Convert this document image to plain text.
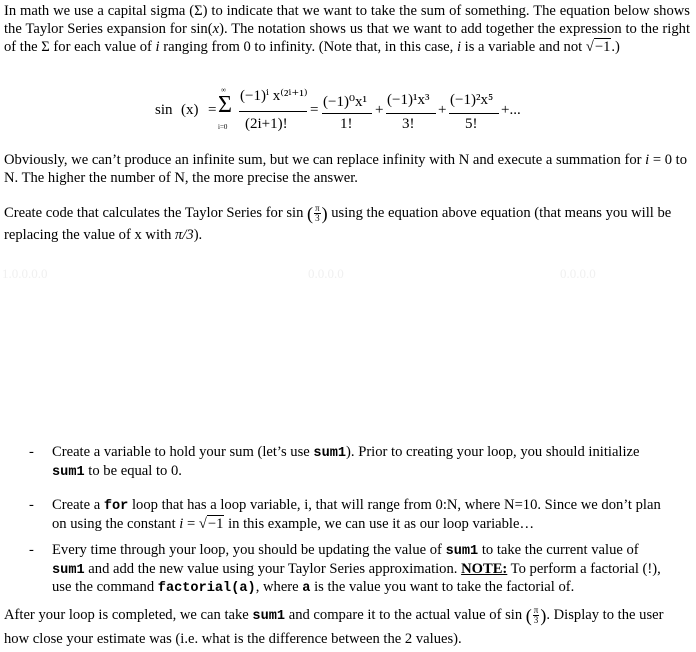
In math we use a capital sigma (Σ) to indicate that we want to take the sum of something. The equation below shows the Taylor Series expansion for sin(x). The notation shows us that we want to add together the expression to the right of the Σ for each value of i ranging from 0 to infinity. (Note that, in this case, i is a variable and not √−1.)
sin (x) =
∞
Σ
i=0
(−1)ⁱ x⁽²ⁱ⁺¹⁾
(2i+1)!
= (−1)⁰x¹
1!
+
(−1)¹x³
3!
+
(−1)²x⁵
5!
+...
Obviously, we can’t produce an infinite sum, but we can replace infinity with N and execute a summation for i = 0 to N. The higher the number of N, the more precise the answer.
Create code that calculates the Taylor Series for sin ( $\frac{\pi}{3}$ ) using the equation above equation (that means you will be replacing the value of x with π/3).
1.0.0.0.0	0.0.0.0	0.0.0.0
- Create a variable to hold your sum (let’s use sum1). Prior to creating your loop, you should initialize sum1 to be equal to 0.
- Create a for loop that has a loop variable, i, that will range from 0:N, where N=10. Since we don’t plan on using the constant i = √−1 in this example, we can use it as our loop variable…
- Every time through your loop, you should be updating the value of sum1 to take the current value of sum1 and add the new value using your Taylor Series approximation. NOTE: To perform a factorial (!), use the command factorial(a), where a is the value you want to take the factorial of.
After your loop is completed, we can take sum1 and compare it to the actual value of sin ( $\frac{\pi}{3}$ ). Display to the user how close your estimate was (i.e. what is the difference between the 2 values).
